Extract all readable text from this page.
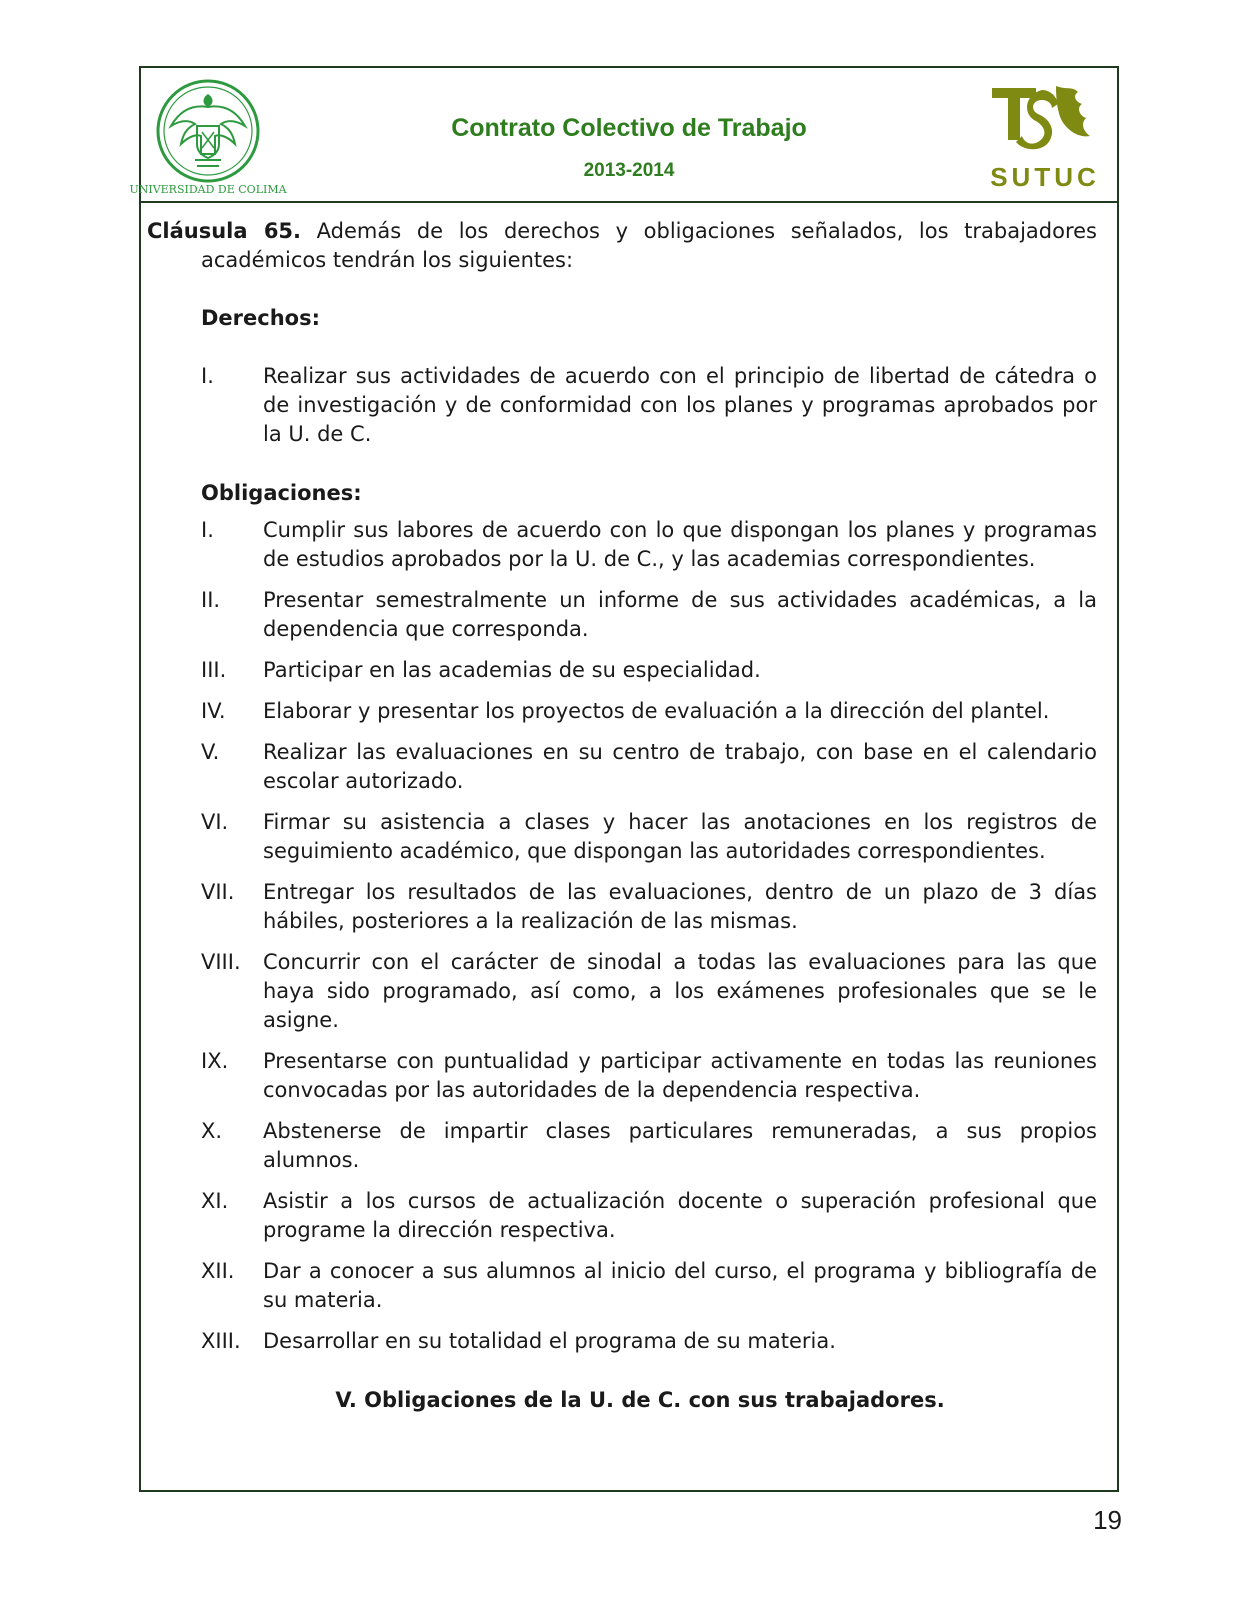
UNIVERSIDAD DE COLIMA
Contrato Colectivo de Trabajo
2013-2014	SUTUC

Cláusula 65. Además de los derechos y obligaciones señalados, los trabajadores académicos tendrán los siguientes:

Derechos:

I. Realizar sus actividades de acuerdo con el principio de libertad de cátedra o de investigación y de conformidad con los planes y programas aprobados por la U. de C.

Obligaciones:

I. Cumplir sus labores de acuerdo con lo que dispongan los planes y programas de estudios aprobados por la U. de C., y las academias correspondientes.
II. Presentar semestralmente un informe de sus actividades académicas, a la dependencia que corresponda.
III. Participar en las academias de su especialidad.
IV. Elaborar y presentar los proyectos de evaluación a la dirección del plantel.
V. Realizar las evaluaciones en su centro de trabajo, con base en el calendario escolar autorizado.
VI. Firmar su asistencia a clases y hacer las anotaciones en los registros de seguimiento académico, que dispongan las autoridades correspondientes.
VII. Entregar los resultados de las evaluaciones, dentro de un plazo de 3 días hábiles, posteriores a la realización de las mismas.
VIII. Concurrir con el carácter de sinodal a todas las evaluaciones para las que haya sido programado, así como, a los exámenes profesionales que se le asigne.
IX. Presentarse con puntualidad y participar activamente en todas las reuniones convocadas por las autoridades de la dependencia respectiva.
X. Abstenerse de impartir clases particulares remuneradas, a sus propios alumnos.
XI. Asistir a los cursos de actualización docente o superación profesional que programe la dirección respectiva.
XII. Dar a conocer a sus alumnos al inicio del curso, el programa y bibliografía de su materia.
XIII. Desarrollar en su totalidad el programa de su materia.

V. Obligaciones de la U. de C. con sus trabajadores.

19
